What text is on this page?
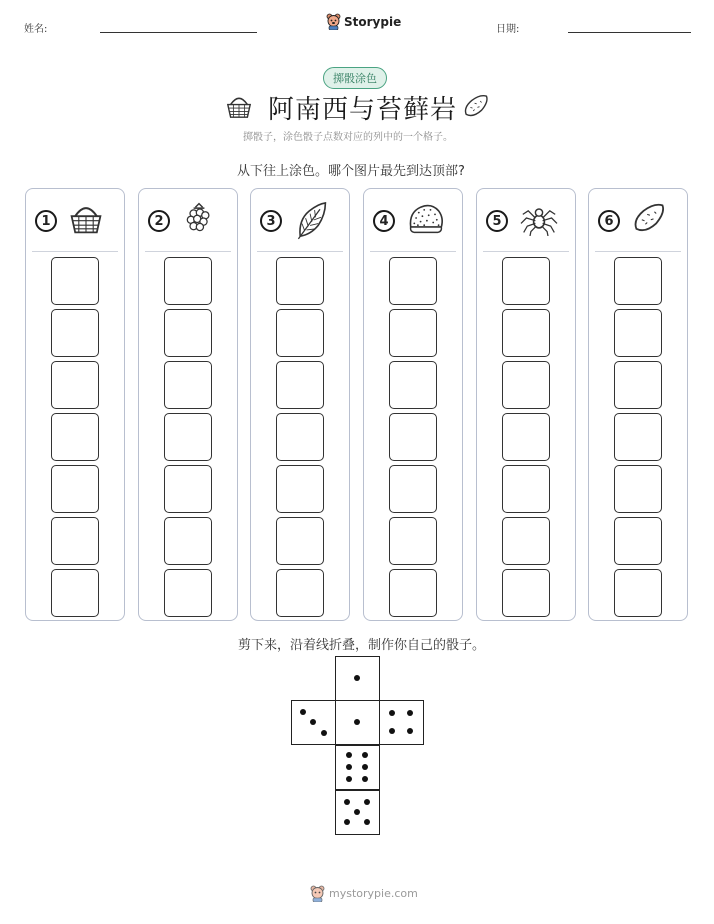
姓名:
Storypie
日期:
掷骰涂色
阿南西与苔藓岩
掷骰子，涂色骰子点数对应的列中的一个格子。
从下往上涂色。哪个图片最先到达顶部?
1	2	3	4	5	6
剪下来，沿着线折叠，制作你自己的骰子。
mystorypie.com
